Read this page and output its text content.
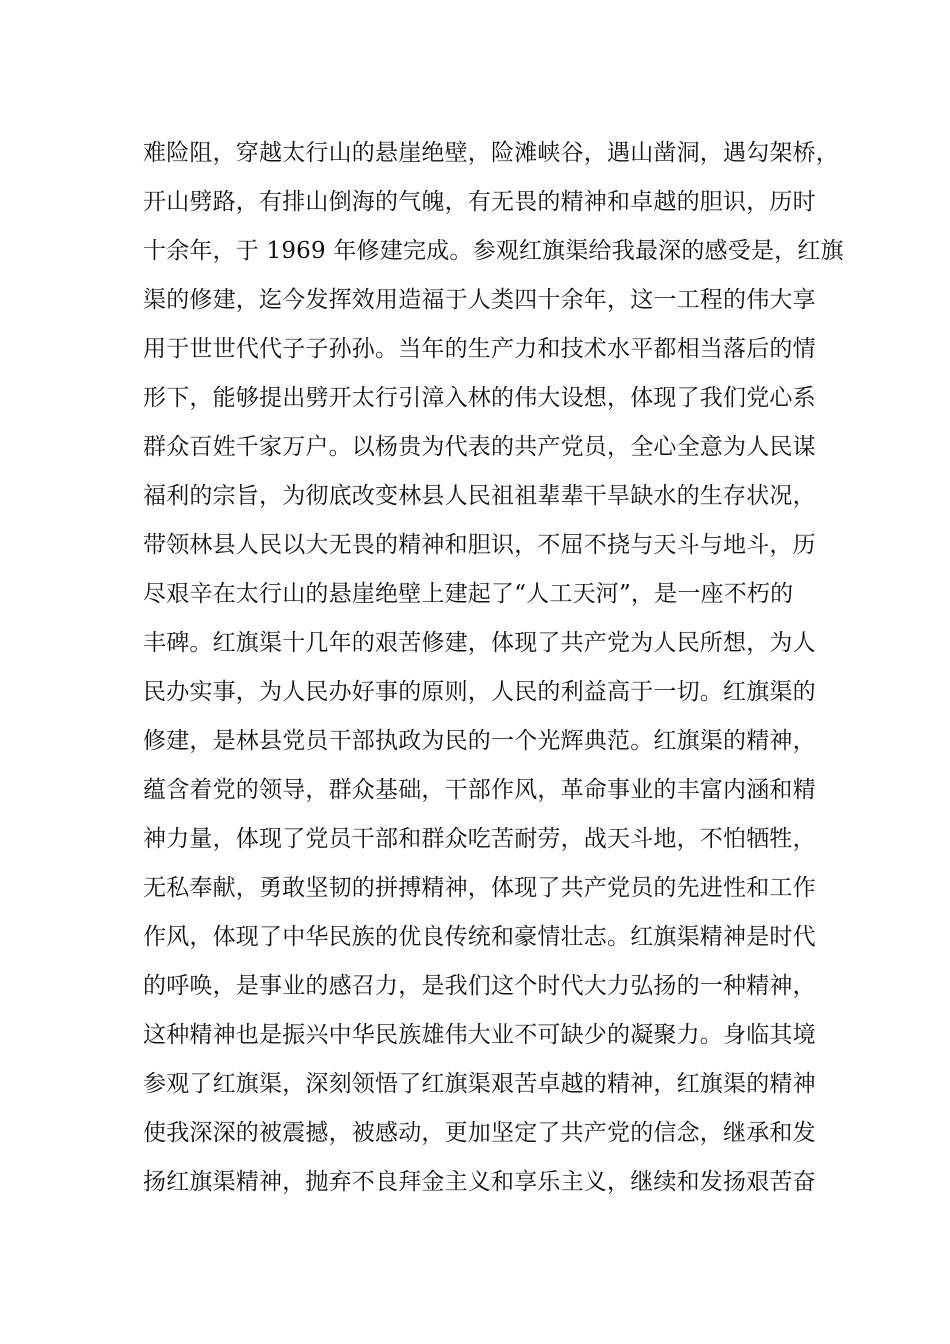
难险阻，穿越太行山的悬崖绝壁，险滩峡谷，遇山凿洞，遇勾架桥，
开山劈路，有排山倒海的气魄，有无畏的精神和卓越的胆识，历时
十余年，于 1969 年修建完成。参观红旗渠给我最深的感受是，红旗
渠的修建，迄今发挥效用造福于人类四十余年，这一工程的伟大享
用于世世代代子子孙孙。当年的生产力和技术水平都相当落后的情
形下，能够提出劈开太行引漳入林的伟大设想，体现了我们党心系
群众百姓千家万户。以杨贵为代表的共产党员，全心全意为人民谋
福利的宗旨，为彻底改变林县人民祖祖辈辈干旱缺水的生存状况，
带领林县人民以大无畏的精神和胆识，不屈不挠与天斗与地斗，历
尽艰辛在太行山的悬崖绝壁上建起了“人工天河”，是一座不朽的
丰碑。红旗渠十几年的艰苦修建，体现了共产党为人民所想，为人
民办实事，为人民办好事的原则，人民的利益高于一切。红旗渠的
修建，是林县党员干部执政为民的一个光辉典范。红旗渠的精神，
蕴含着党的领导，群众基础，干部作风，革命事业的丰富内涵和精
神力量，体现了党员干部和群众吃苦耐劳，战天斗地，不怕牺牲，
无私奉献，勇敢坚韧的拼搏精神，体现了共产党员的先进性和工作
作风，体现了中华民族的优良传统和豪情壮志。红旗渠精神是时代
的呼唤，是事业的感召力，是我们这个时代大力弘扬的一种精神，
这种精神也是振兴中华民族雄伟大业不可缺少的凝聚力。身临其境
参观了红旗渠，深刻领悟了红旗渠艰苦卓越的精神，红旗渠的精神
使我深深的被震撼，被感动，更加坚定了共产党的信念，继承和发
扬红旗渠精神，抛弃不良拜金主义和享乐主义，继续和发扬艰苦奋
